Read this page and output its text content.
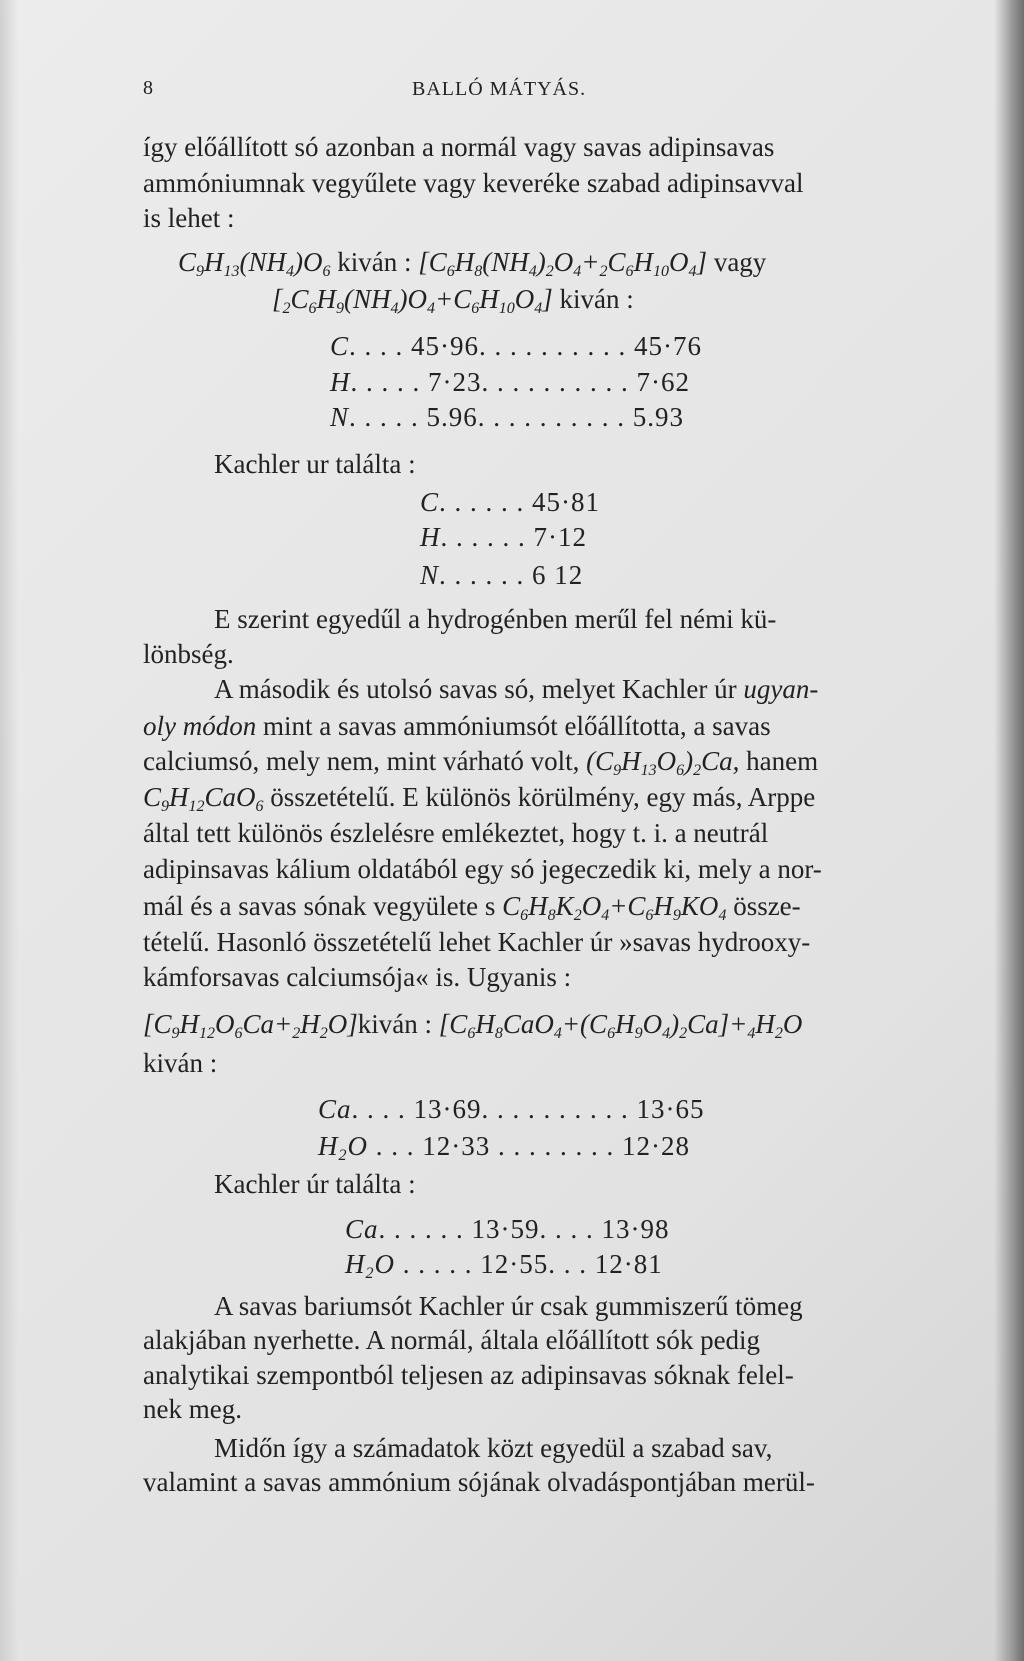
8	BALLÓ MÁTYÁS.
így előállított só azonban a normál vagy savas adipinsavas
ammóniumnak vegyűlete vagy keveréke szabad adipinsavval
is lehet :
$C_9H_{13}(NH_4)O_6$ kiván : $[C_6H_8(NH_4)_2O_4+_2C_6H_{10}O_4]$ vagy
$[_2C_6H_9(NH_4)O_4+C_6H_{10}O_4]$ kiván :
C. . . . 45·96. . . . . . . . . . 45·76
H. . . . . 7·23. . . . . . . . . . 7·62
N. . . . . 5.96. . . . . . . . . . 5.93
Kachler ur találta :
C. . . . . . 45·81
H. . . . . . 7·12
N. . . . . . 6 12
E szerint egyedűl a hydrogénben merűl fel némi kü-
lönbség.
A második és utolsó savas só, melyet Kachler úr ugyan-
oly módon mint a savas ammóniumsót előállította, a savas
calciumsó, mely nem, mint várható volt, $(C_9H_{13}O_6)_2Ca$, hanem
$C_9H_{12}CaO_6$ összetételű. E különös körülmény, egy más, Arppe
által tett különös észlelésre emlékeztet, hogy t. i. a neutrál
adipinsavas kálium oldatából egy só jegeczedik ki, mely a nor-
mál és a savas sónak vegyülete s $C_6H_8K_2O_4+C_6H_9KO_4$ össze-
tételű. Hasonló összetételű lehet Kachler úr »savas hydrooxy-
kámforsavas calciumsója« is. Ugyanis :
$[C_9H_{12}O_6Ca+_2H_2O]kiván$ : $[C_6H_8CaO_4+(C_6H_9O_4)_2Ca]+_4H_2O$
kiván :
Ca. . . . 13·69. . . . . . . . . . 13·65
$H_2O$ . . . 12·33 . . . . . . . . 12·28
Kachler úr találta :
Ca. . . . . . 13·59. . . . 13·98
$H_2O$ . . . . . 12·55. . . 12·81
A savas bariumsót Kachler úr csak gummiszerű tömeg
alakjában nyerhette. A normál, általa előállított sók pedig
analytikai szempontból teljesen az adipinsavas sóknak felel-
nek meg.
Midőn így a számadatok közt egyedül a szabad sav,
valamint a savas ammónium sójának olvadáspontjában merül-
